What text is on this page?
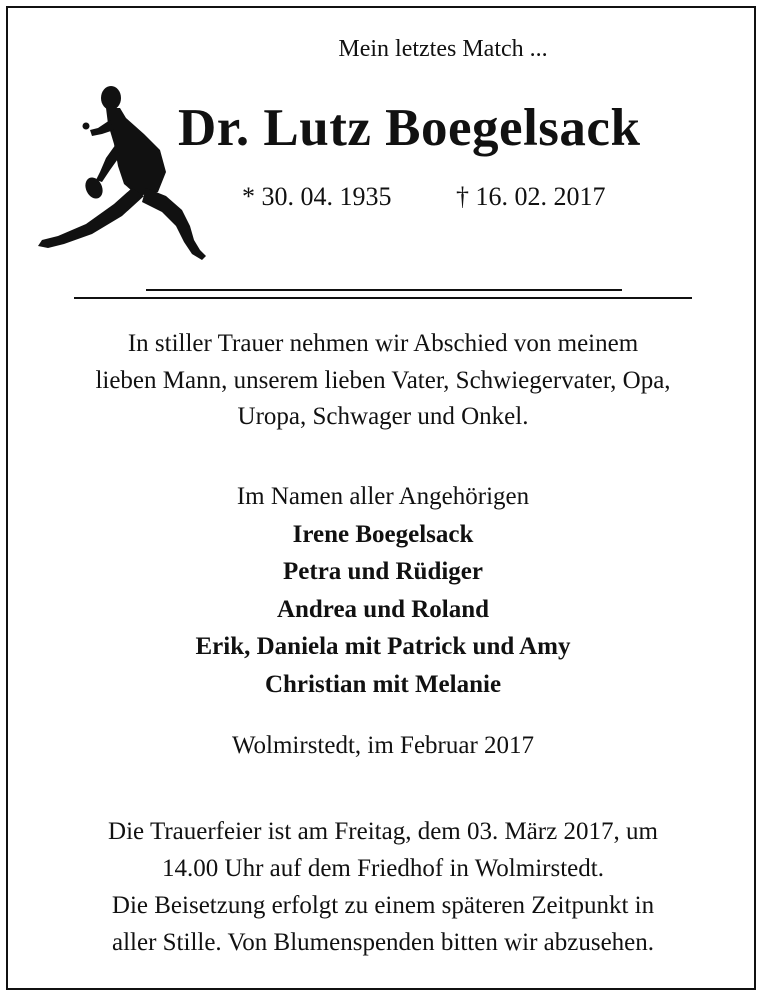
Mein letztes Match ...
Dr. Lutz Boegelsack
* 30. 04. 1935 † 16. 02. 2017
In stiller Trauer nehmen wir Abschied von meinem
lieben Mann, unserem lieben Vater, Schwiegervater, Opa,
Uropa, Schwager und Onkel.
Im Namen aller Angehörigen
Irene Boegelsack
Petra und Rüdiger
Andrea und Roland
Erik, Daniela mit Patrick und Amy
Christian mit Melanie
Wolmirstedt, im Februar 2017
Die Trauerfeier ist am Freitag, dem 03. März 2017, um
14.00 Uhr auf dem Friedhof in Wolmirstedt.
Die Beisetzung erfolgt zu einem späteren Zeitpunkt in
aller Stille. Von Blumenspenden bitten wir abzusehen.
